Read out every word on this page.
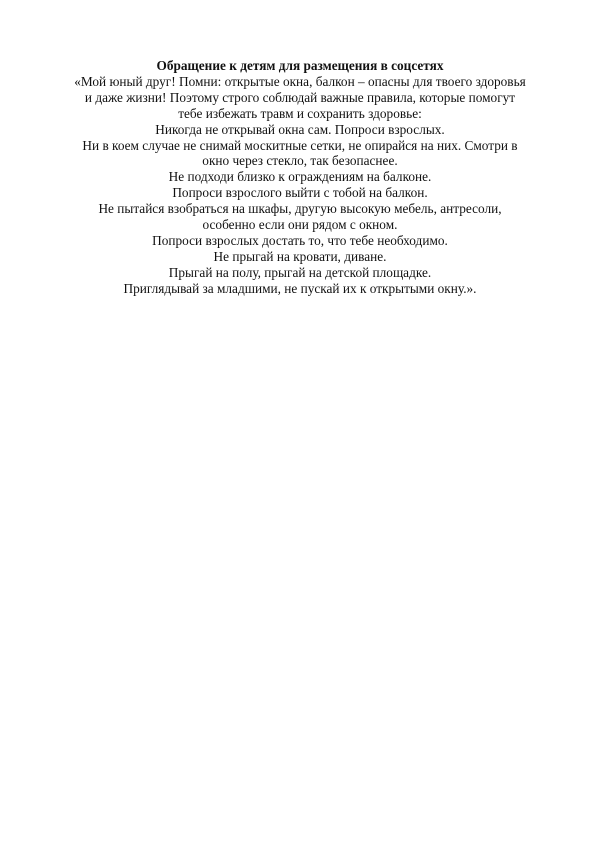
Обращение к детям для размещения в соцсетях

«Мой юный друг! Помни: открытые окна, балкон – опасны для твоего здоровья
и даже жизни! Поэтому строго соблюдай важные правила, которые помогут
тебе избежать травм и сохранить здоровье:

Никогда не открывай окна сам. Попроси взрослых.

Ни в коем случае не снимай москитные сетки, не опирайся на них. Смотри в
окно через стекло, так безопаснее.

Не подходи близко к ограждениям на балконе.

Попроси взрослого выйти с тобой на балкон.

Не пытайся взобраться на шкафы, другую высокую мебель, антресоли,
особенно если они рядом с окном.

Попроси взрослых достать то, что тебе необходимо.

Не прыгай на кровати, диване.

Прыгай на полу, прыгай на детской площадке.

Приглядывай за младшими, не пускай их к открытыми окну.».
